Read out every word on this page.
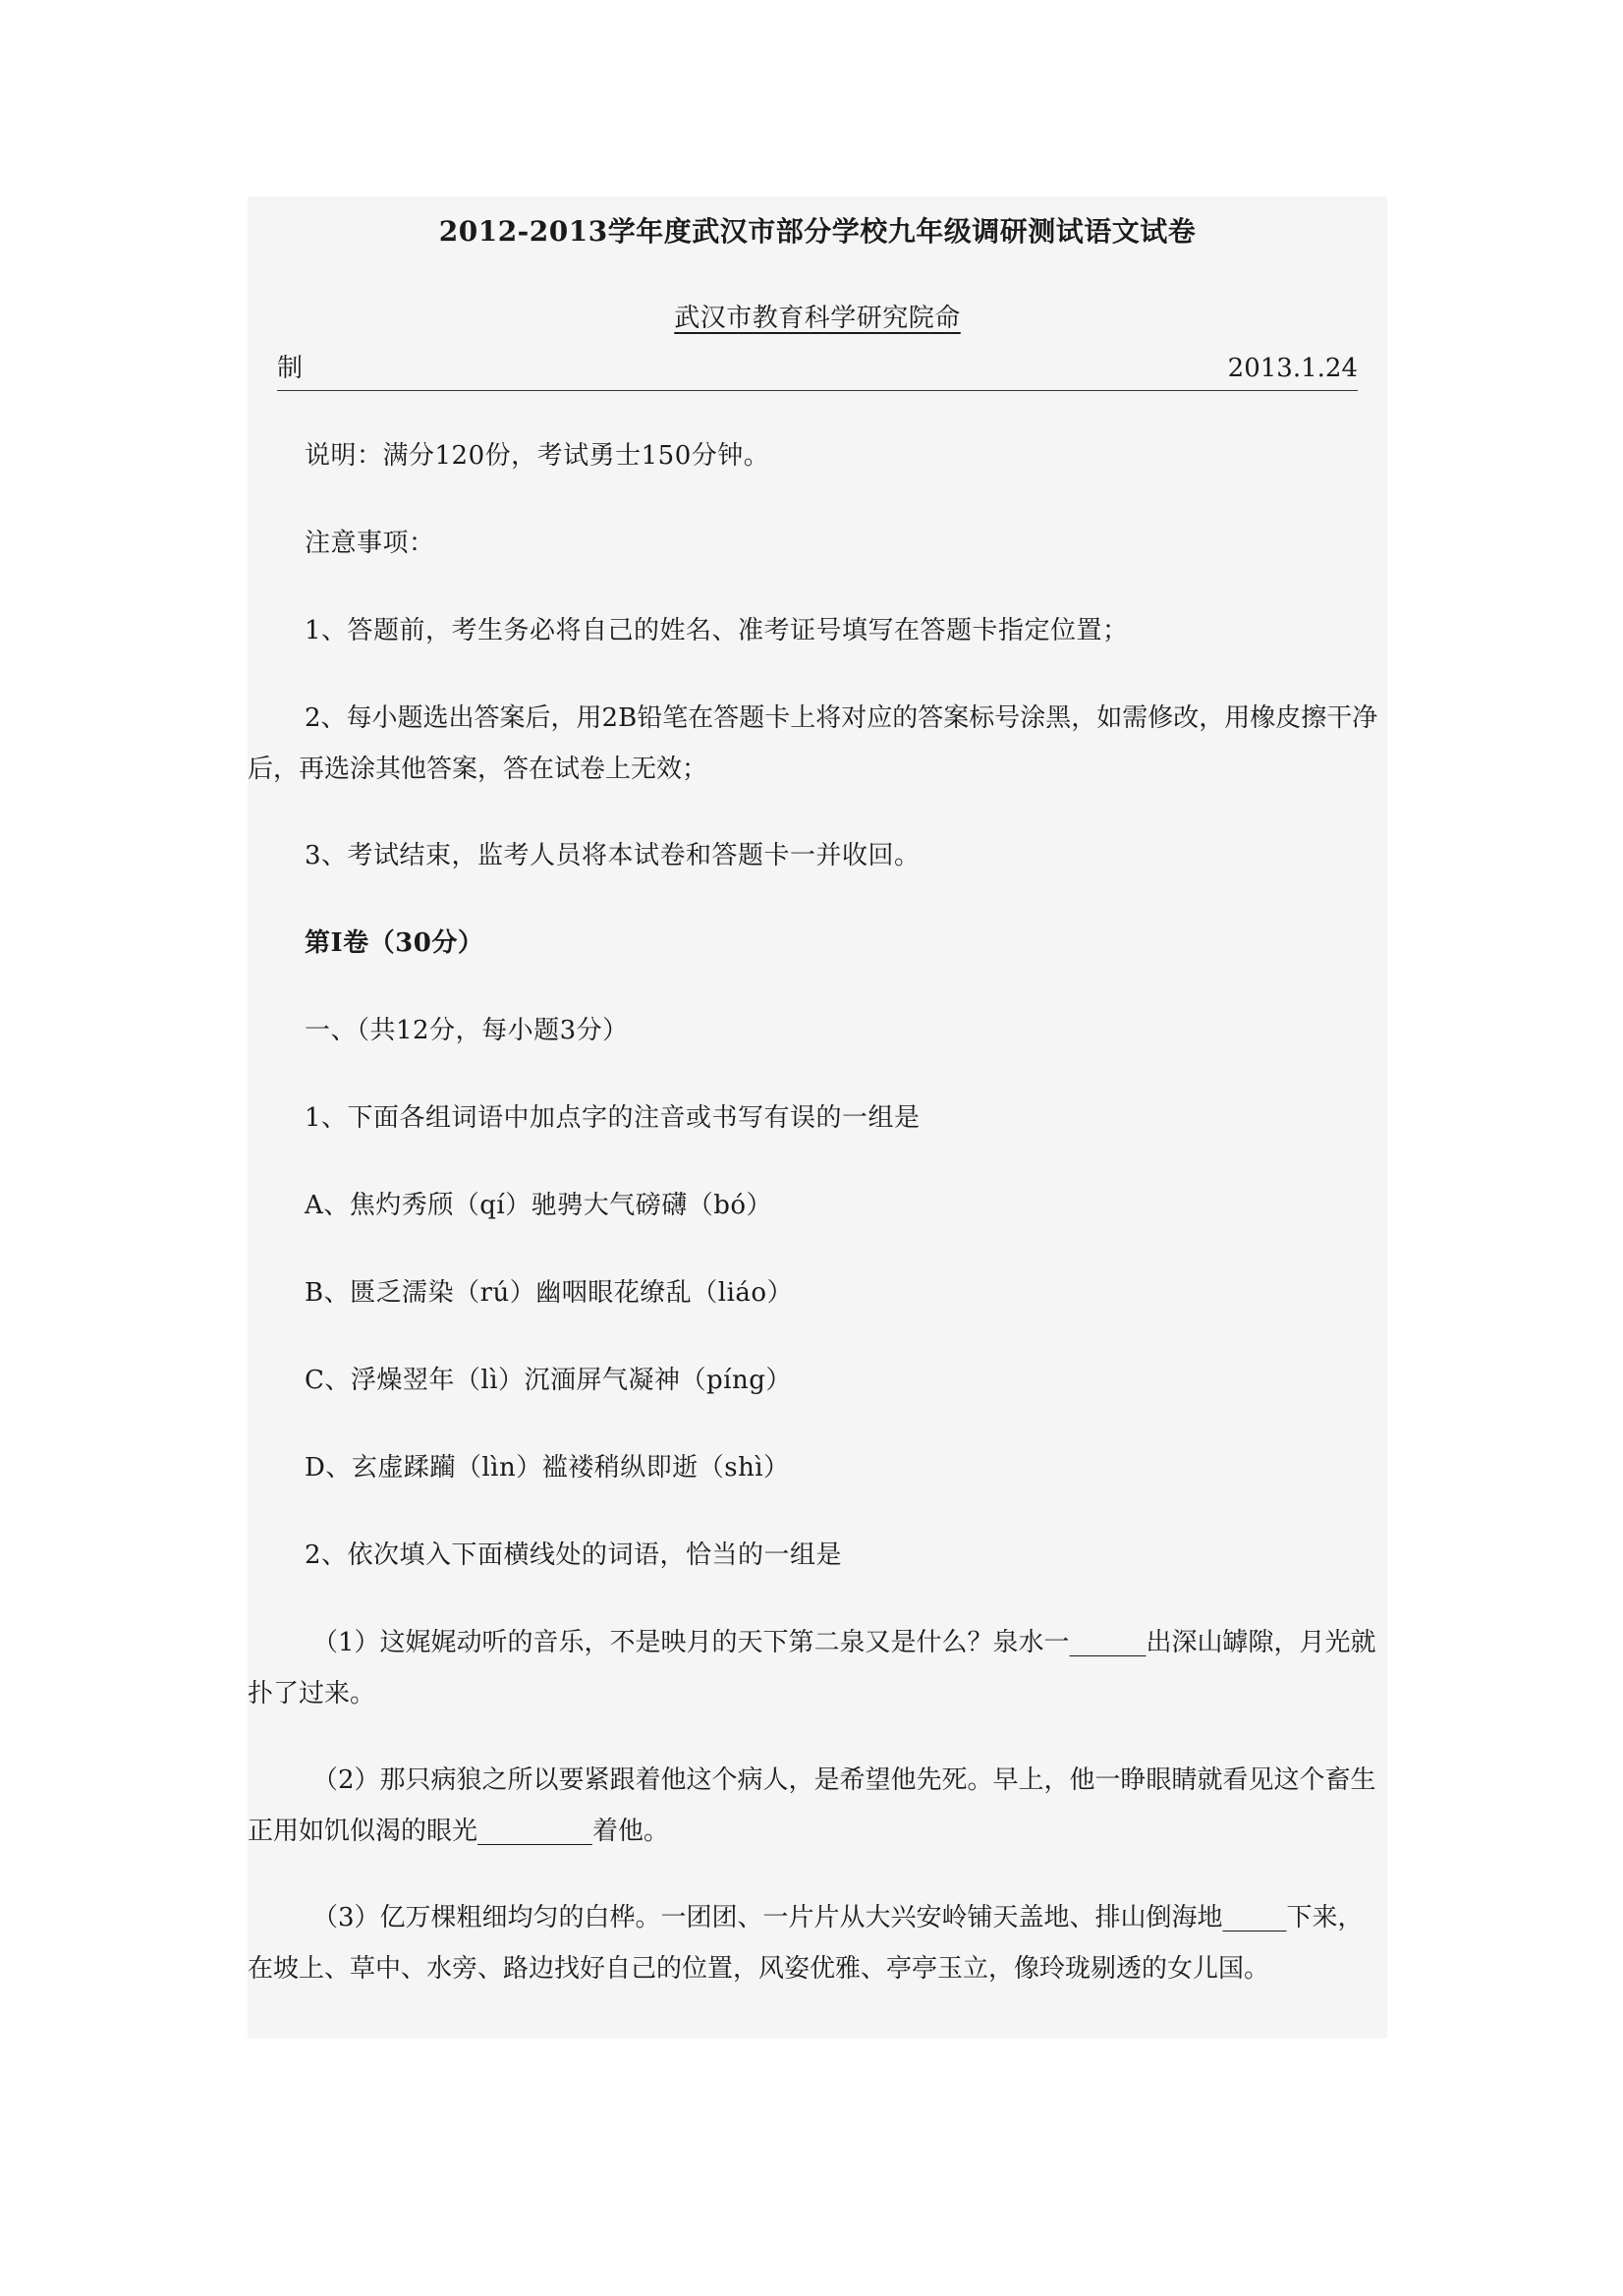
2012-2013学年度武汉市部分学校九年级调研测试语文试卷
武汉市教育科学研究院命
制	2013.1.24
说明：满分120份，考试勇士150分钟。
注意事项：
1、答题前，考生务必将自己的姓名、准考证号填写在答题卡指定位置；
2、每小题选出答案后，用2B铅笔在答题卡上将对应的答案标号涂黑，如需修改，用橡皮擦干净后，再选涂其他答案，答在试卷上无效；
3、考试结束，监考人员将本试卷和答题卡一并收回。
第Ⅰ卷（30分）
一、（共12分，每小题3分）
1、下面各组词语中加点字的注音或书写有误的一组是
A、焦灼秀颀（qí）驰骋大气磅礴（bó）
B、匮乏濡染（rú）幽咽眼花缭乱（liáo）
C、浮燥翌年（lì）沉湎屏气凝神（píng）
D、玄虚蹂躏（lìn）褴褛稍纵即逝（shì）
2、依次填入下面横线处的词语，恰当的一组是
（1）这娓娓动听的音乐，不是映月的天下第二泉又是什么？泉水一______出深山罅隙，月光就扑了过来。
（2）那只病狼之所以要紧跟着他这个病人，是希望他先死。早上，他一睁眼睛就看见这个畜生正用如饥似渴的眼光_________着他。
（3）亿万棵粗细均匀的白桦。一团团、一片片从大兴安岭铺天盖地、排山倒海地_____下来，在坡上、草中、水旁、路边找好自己的位置，风姿优雅、亭亭玉立，像玲珑剔透的女儿国。
